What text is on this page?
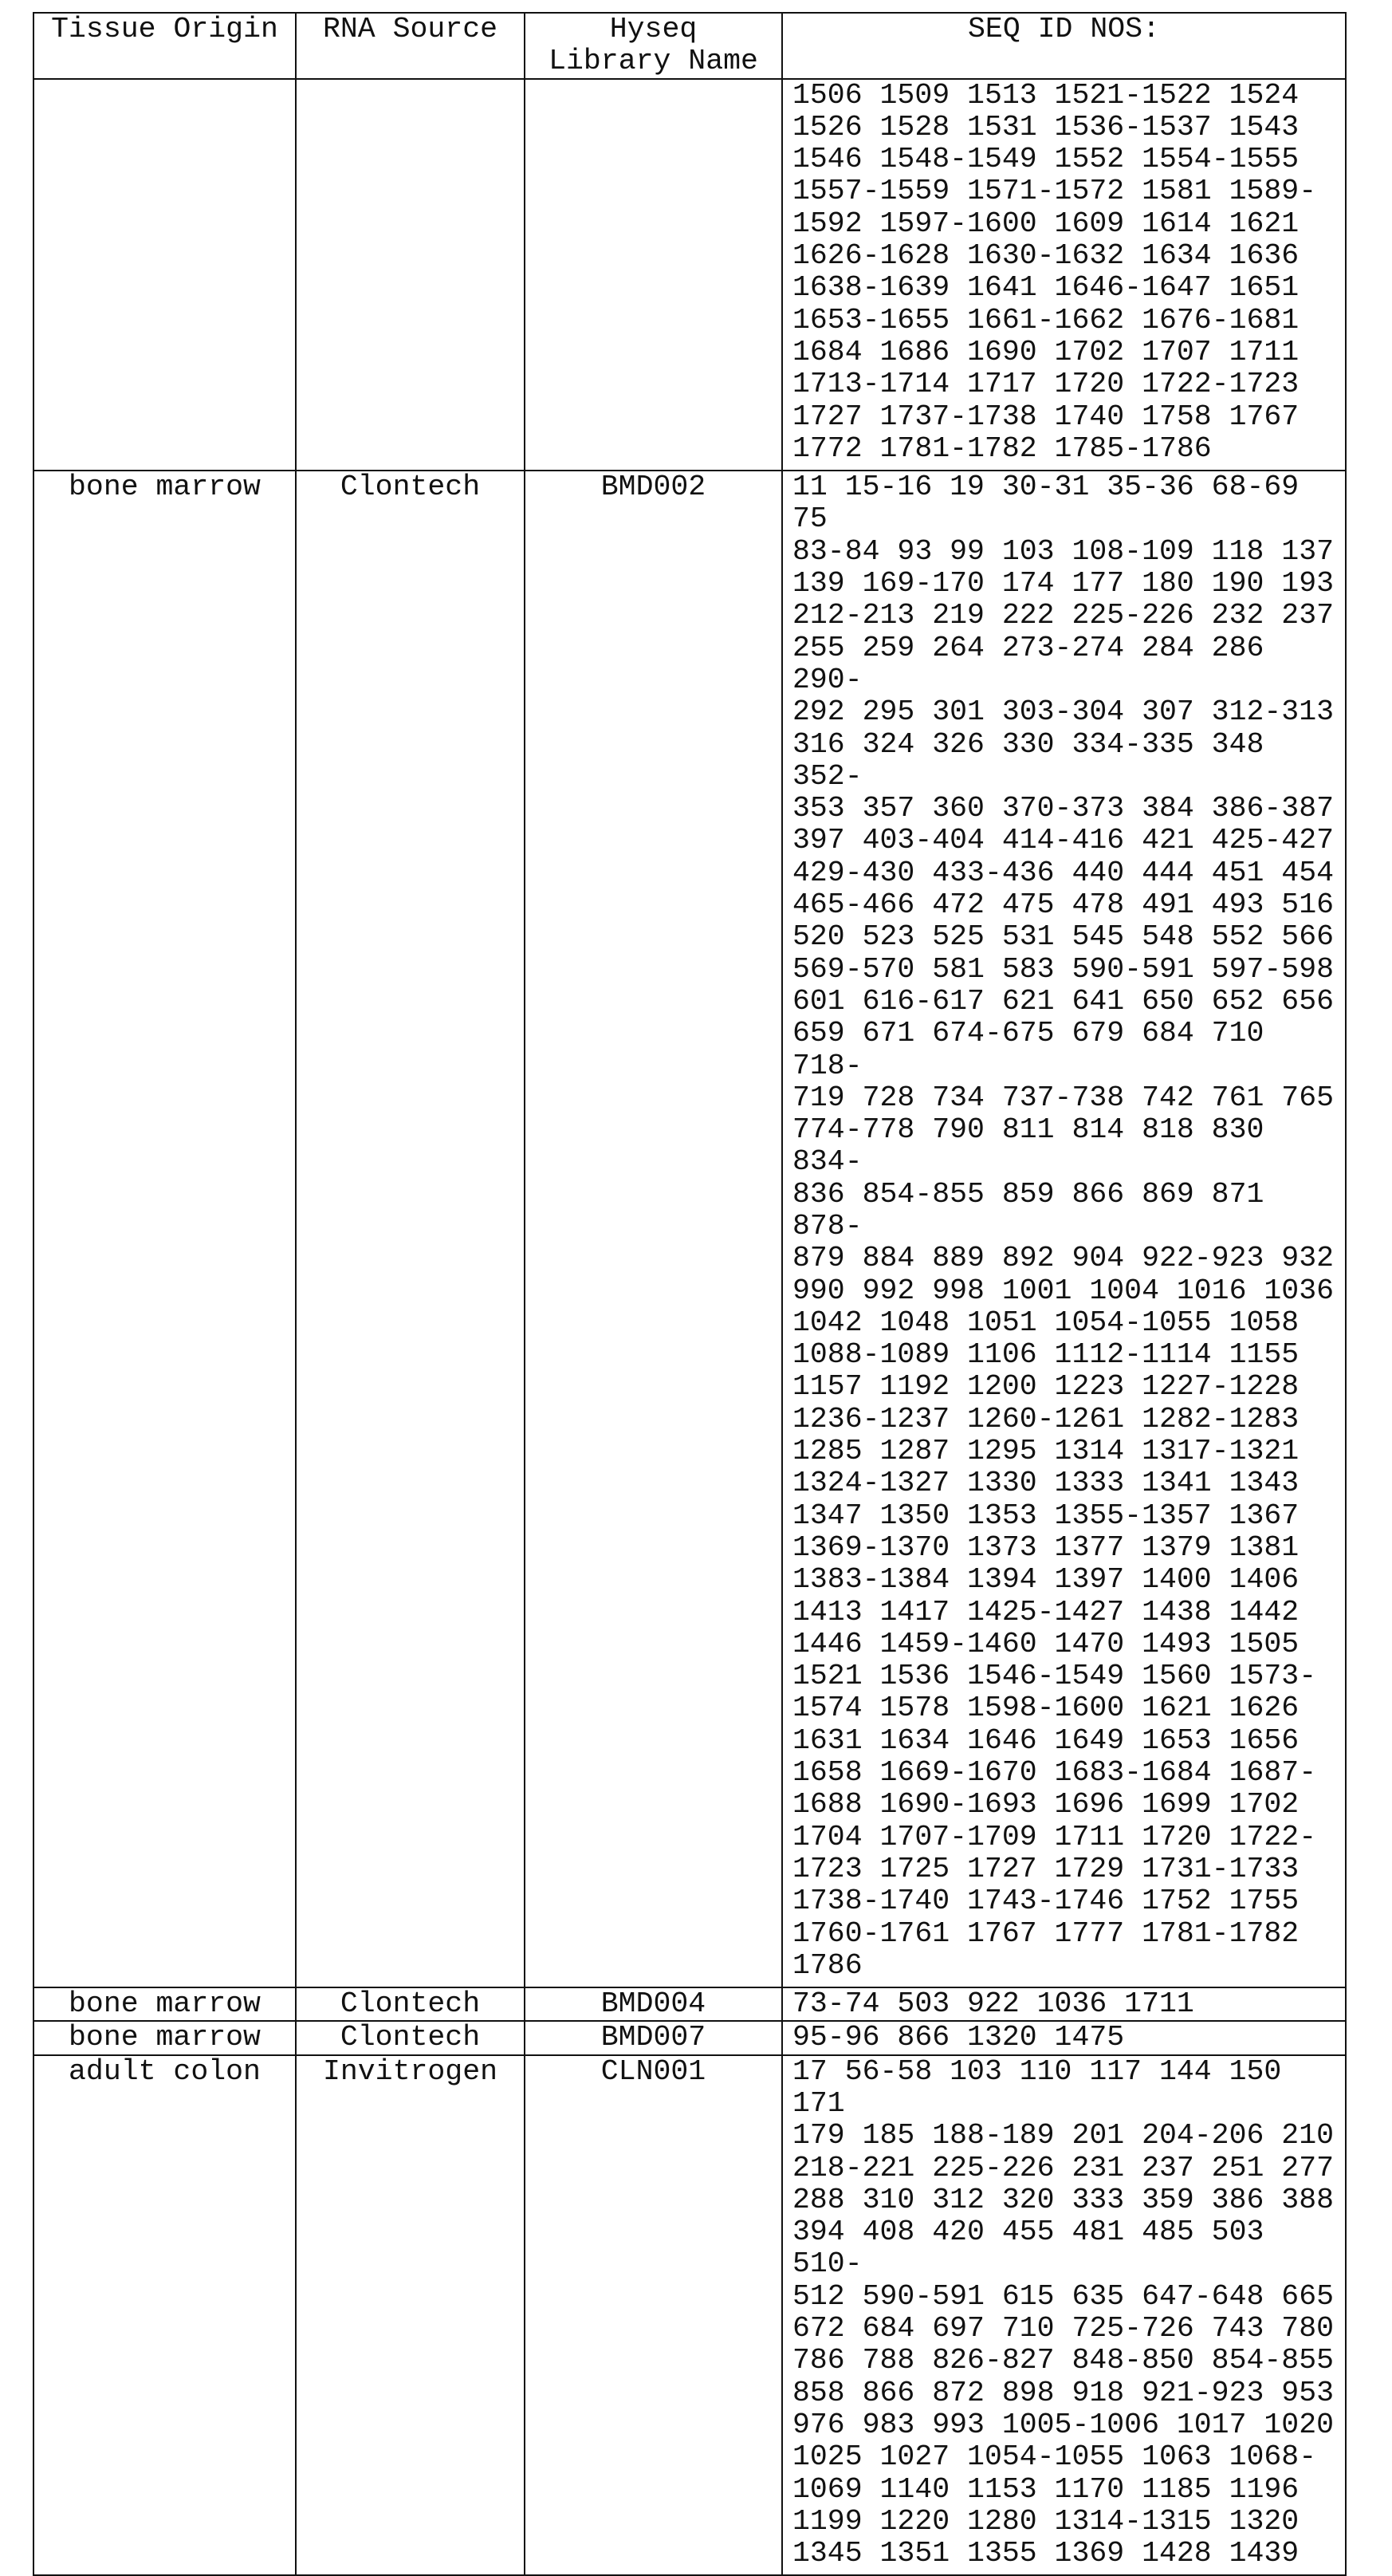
Tissue Origin	RNA Source	Hyseq
Library Name	SEQ ID NOS:
			1506 1509 1513 1521-1522 1524
1526 1528 1531 1536-1537 1543
1546 1548-1549 1552 1554-1555
1557-1559 1571-1572 1581 1589-
1592 1597-1600 1609 1614 1621
1626-1628 1630-1632 1634 1636
1638-1639 1641 1646-1647 1651
1653-1655 1661-1662 1676-1681
1684 1686 1690 1702 1707 1711
1713-1714 1717 1720 1722-1723
1727 1737-1738 1740 1758 1767
1772 1781-1782 1785-1786
bone marrow	Clontech	BMD002	11 15-16 19 30-31 35-36 68-69 75
83-84 93 99 103 108-109 118 137
139 169-170 174 177 180 190 193
212-213 219 222 225-226 232 237
255 259 264 273-274 284 286 290-
292 295 301 303-304 307 312-313
316 324 326 330 334-335 348 352-
353 357 360 370-373 384 386-387
397 403-404 414-416 421 425-427
429-430 433-436 440 444 451 454
465-466 472 475 478 491 493 516
520 523 525 531 545 548 552 566
569-570 581 583 590-591 597-598
601 616-617 621 641 650 652 656
659 671 674-675 679 684 710 718-
719 728 734 737-738 742 761 765
774-778 790 811 814 818 830 834-
836 854-855 859 866 869 871 878-
879 884 889 892 904 922-923 932
990 992 998 1001 1004 1016 1036
1042 1048 1051 1054-1055 1058
1088-1089 1106 1112-1114 1155
1157 1192 1200 1223 1227-1228
1236-1237 1260-1261 1282-1283
1285 1287 1295 1314 1317-1321
1324-1327 1330 1333 1341 1343
1347 1350 1353 1355-1357 1367
1369-1370 1373 1377 1379 1381
1383-1384 1394 1397 1400 1406
1413 1417 1425-1427 1438 1442
1446 1459-1460 1470 1493 1505
1521 1536 1546-1549 1560 1573-
1574 1578 1598-1600 1621 1626
1631 1634 1646 1649 1653 1656
1658 1669-1670 1683-1684 1687-
1688 1690-1693 1696 1699 1702
1704 1707-1709 1711 1720 1722-
1723 1725 1727 1729 1731-1733
1738-1740 1743-1746 1752 1755
1760-1761 1767 1777 1781-1782
1786
bone marrow	Clontech	BMD004	73-74 503 922 1036 1711
bone marrow	Clontech	BMD007	95-96 866 1320 1475
adult colon	Invitrogen	CLN001	17 56-58 103 110 117 144 150 171
179 185 188-189 201 204-206 210
218-221 225-226 231 237 251 277
288 310 312 320 333 359 386 388
394 408 420 455 481 485 503 510-
512 590-591 615 635 647-648 665
672 684 697 710 725-726 743 780
786 788 826-827 848-850 854-855
858 866 872 898 918 921-923 953
976 983 993 1005-1006 1017 1020
1025 1027 1054-1055 1063 1068-
1069 1140 1153 1170 1185 1196
1199 1220 1280 1314-1315 1320
1345 1351 1355 1369 1428 1439
